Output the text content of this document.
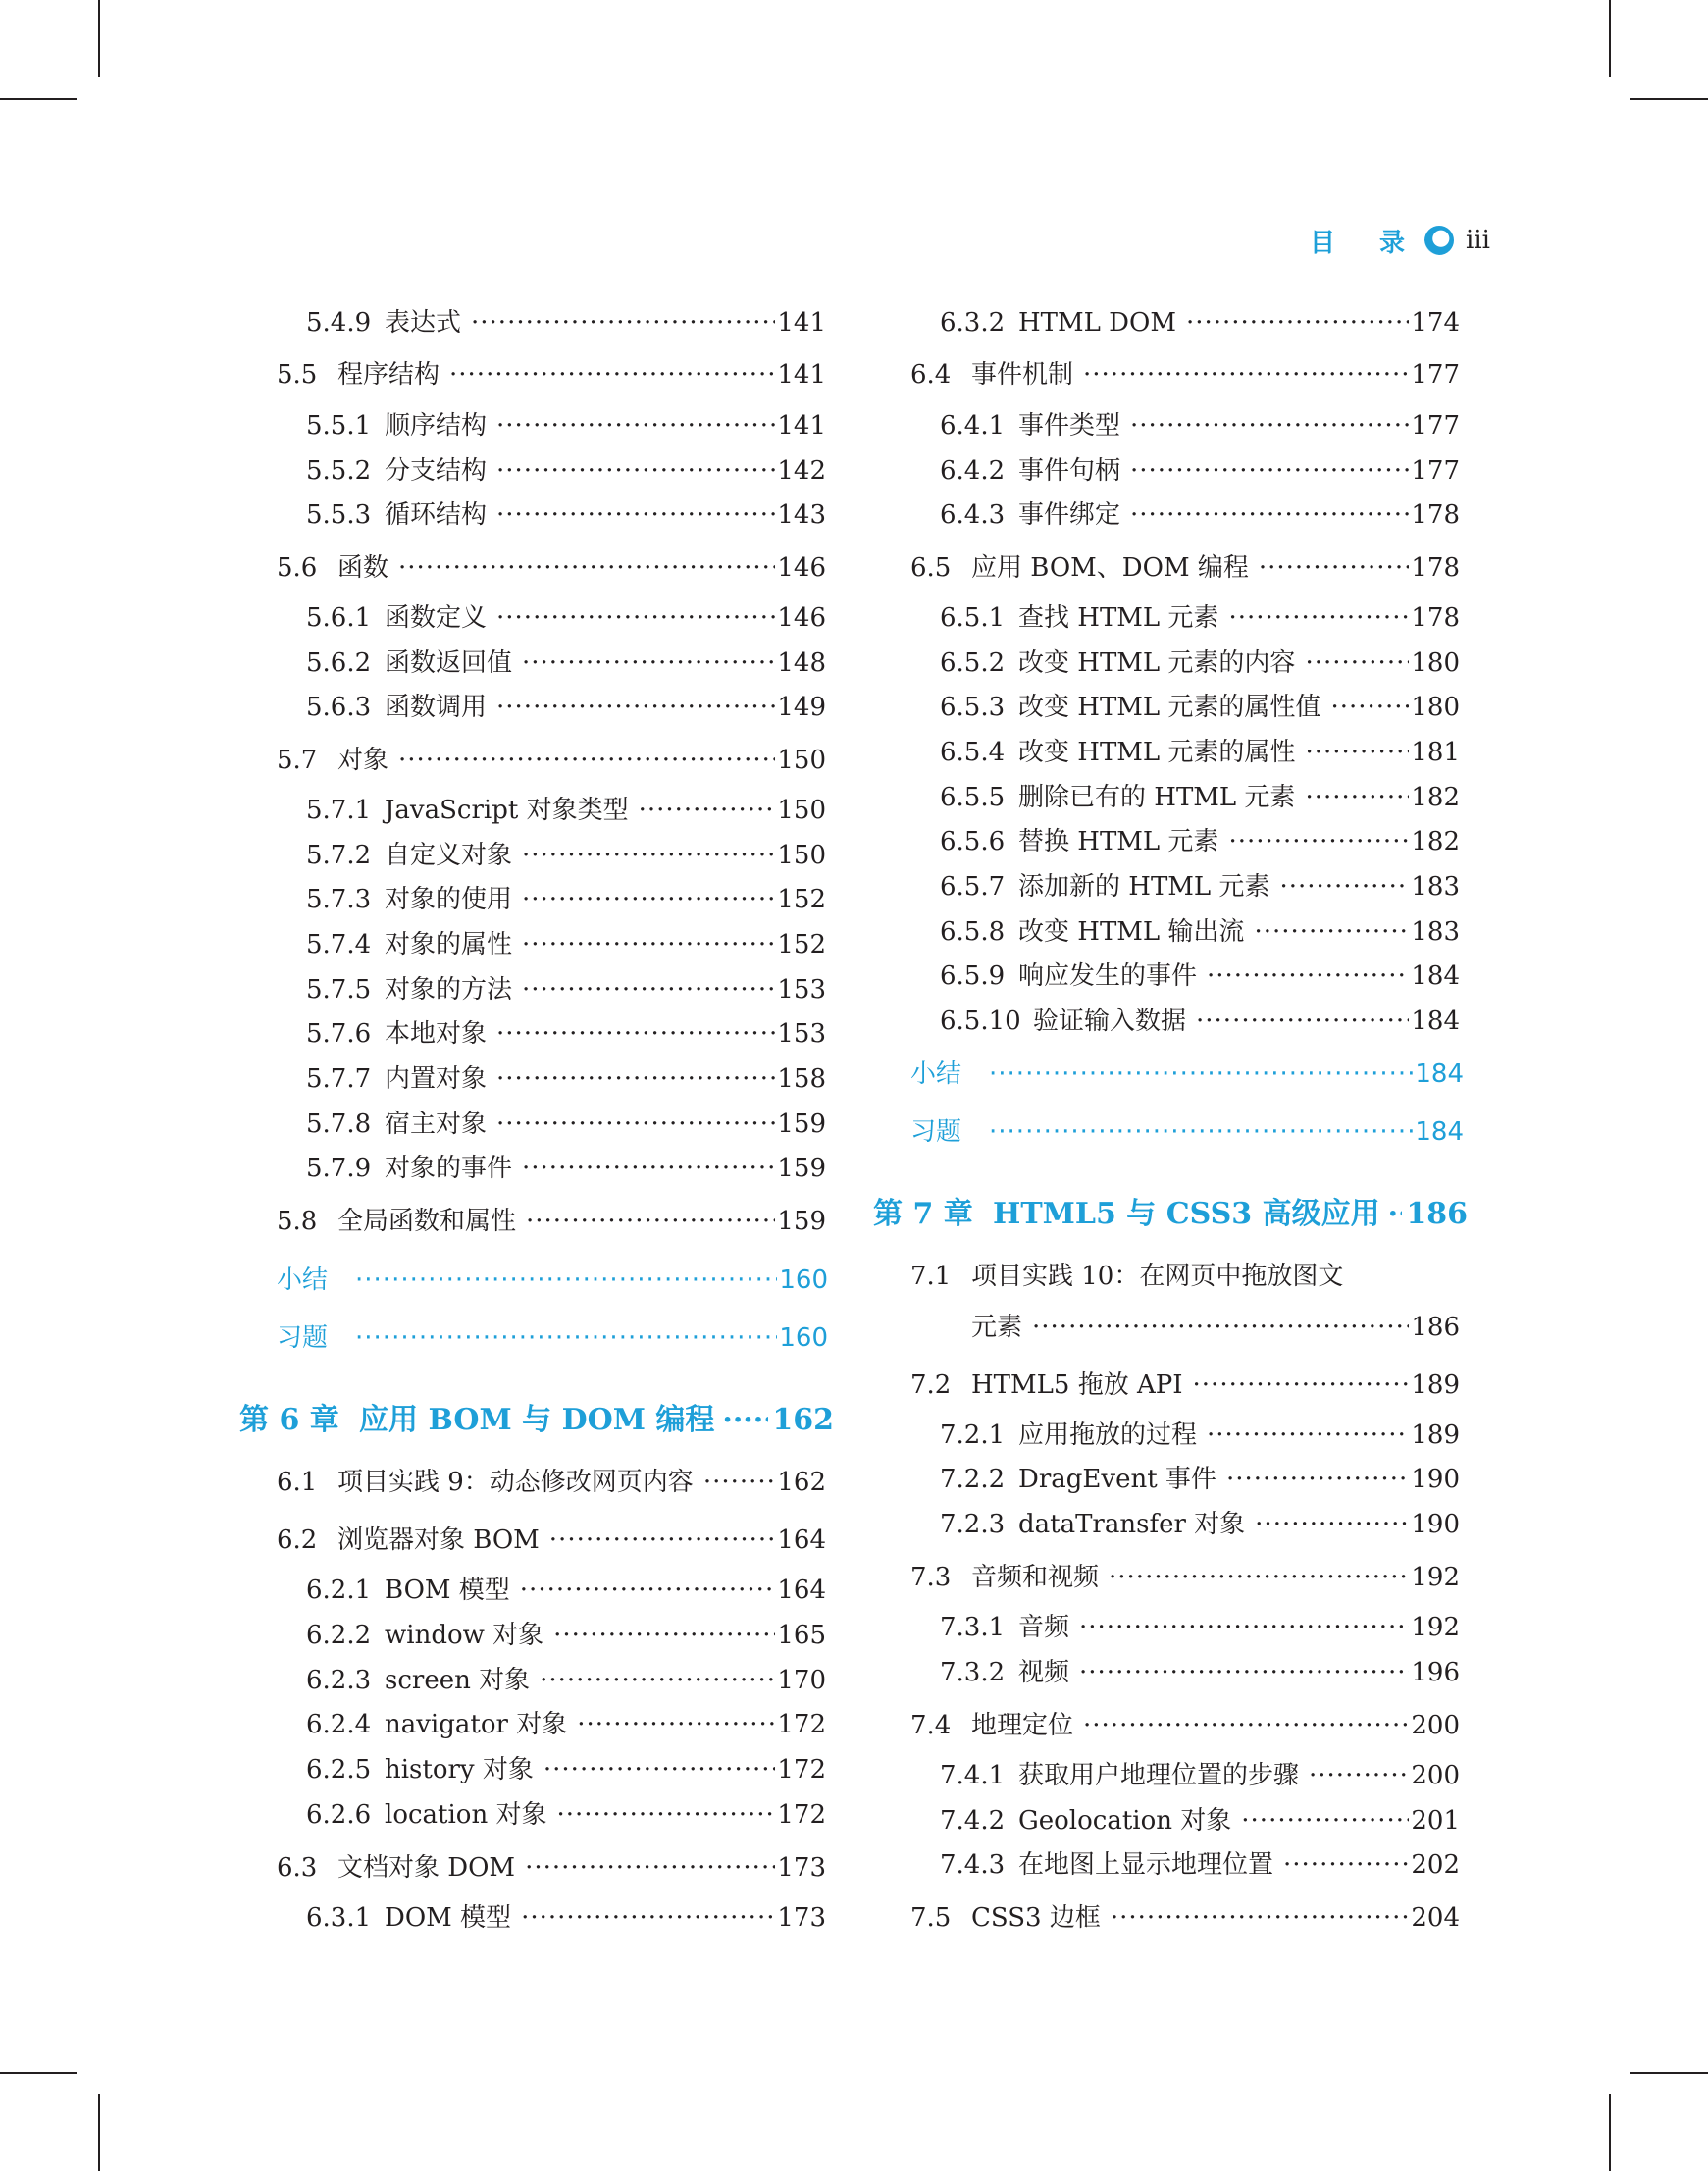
目 录 iii
5.4.9 表达式 ·····	141
5.5 程序结构 ·····	141
5.5.1 顺序结构 ·····	141
5.5.2 分支结构 ·····	142
5.5.3 循环结构 ·····	143
5.6 函数 ·····	146
5.6.1 函数定义 ·····	146
5.6.2 函数返回值 ·····	148
5.6.3 函数调用 ·····	149
5.7 对象 ·····	150
5.7.1 JavaScript 对象类型 ·····	150
5.7.2 自定义对象 ·····	150
5.7.3 对象的使用 ·····	152
5.7.4 对象的属性 ·····	152
5.7.5 对象的方法 ·····	153
5.7.6 本地对象 ·····	153
5.7.7 内置对象 ·····	158
5.7.8 宿主对象 ·····	159
5.7.9 对象的事件 ·····	159
5.8 全局函数和属性 ·····	159
小结 ·····	160
习题 ·····	160
第 6 章 应用 BOM 与 DOM 编程 ····· 162
6.1 项目实践 9：动态修改网页内容 ·····	162
6.2 浏览器对象 BOM ·····	164
6.2.1 BOM 模型 ·····	164
6.2.2 window 对象 ·····	165
6.2.3 screen 对象 ·····	170
6.2.4 navigator 对象 ·····	172
6.2.5 history 对象 ·····	172
6.2.6 location 对象 ·····	172
6.3 文档对象 DOM ·····	173
6.3.1 DOM 模型 ·····	173
6.3.2 HTML DOM ·····	174
6.4 事件机制 ·····	177
6.4.1 事件类型 ·····	177
6.4.2 事件句柄 ·····	177
6.4.3 事件绑定 ·····	178
6.5 应用 BOM、DOM 编程 ·····	178
6.5.1 查找 HTML 元素 ·····	178
6.5.2 改变 HTML 元素的内容 ·····	180
6.5.3 改变 HTML 元素的属性值 ·····	180
6.5.4 改变 HTML 元素的属性 ·····	181
6.5.5 删除已有的 HTML 元素 ·····	182
6.5.6 替换 HTML 元素 ·····	182
6.5.7 添加新的 HTML 元素 ·····	183
6.5.8 改变 HTML 输出流 ·····	183
6.5.9 响应发生的事件 ·····	184
6.5.10 验证输入数据 ·····	184
小结 ·····	184
习题 ·····	184
第 7 章 HTML5 与 CSS3 高级应用 ····· 186
7.1 项目实践 10：在网页中拖放图文
元素 ·····	186
7.2 HTML5 拖放 API ·····	189
7.2.1 应用拖放的过程 ·····	189
7.2.2 DragEvent 事件 ·····	190
7.2.3 dataTransfer 对象 ·····	190
7.3 音频和视频 ·····	192
7.3.1 音频 ·····	192
7.3.2 视频 ·····	196
7.4 地理定位 ·····	200
7.4.1 获取用户地理位置的步骤 ·····	200
7.4.2 Geolocation 对象 ·····	201
7.4.3 在地图上显示地理位置 ·····	202
7.5 CSS3 边框 ·····	204
